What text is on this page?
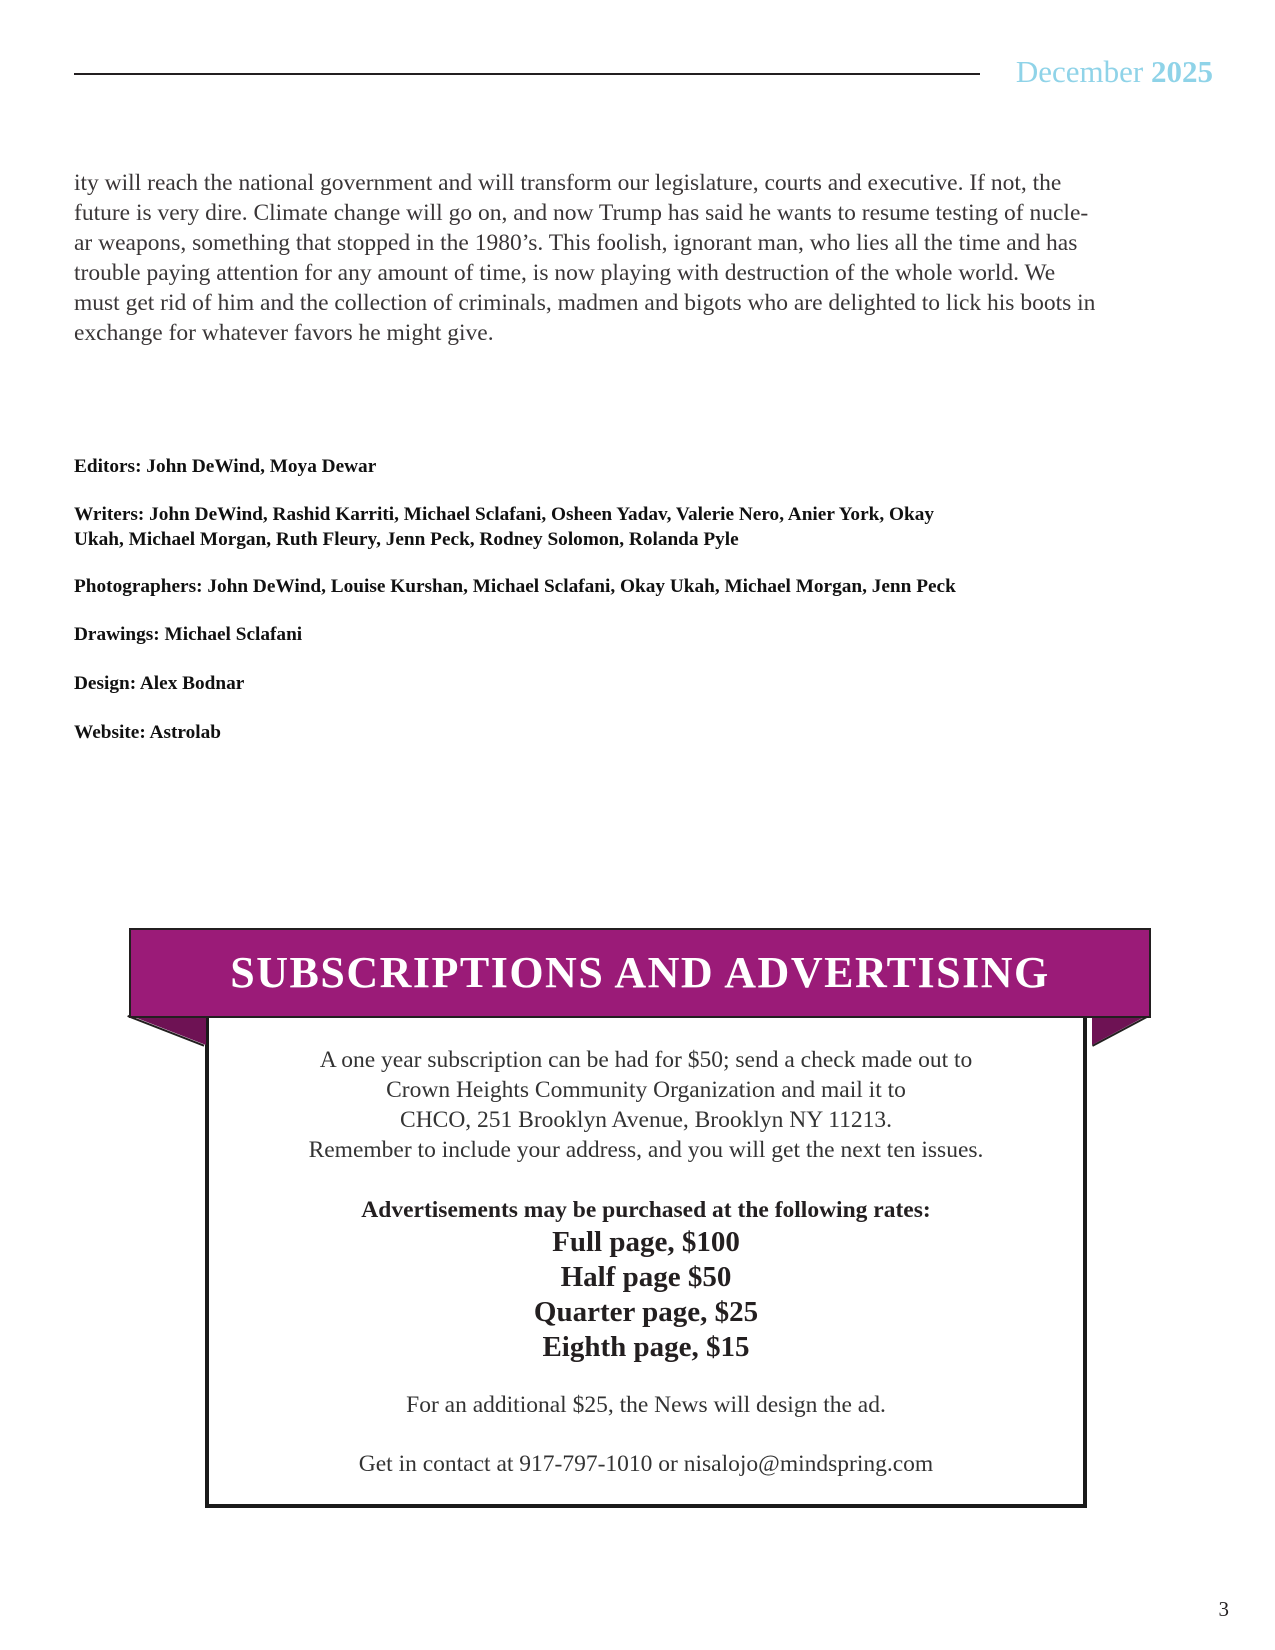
December 2025
ity will reach the national government and will transform our legislature, courts and executive. If not, the
future is very dire. Climate change will go on, and now Trump has said he wants to resume testing of nucle-
ar weapons, something that stopped in the 1980’s. This foolish, ignorant man, who lies all the time and has
trouble paying attention for any amount of time, is now playing with destruction of the whole world. We
must get rid of him and the collection of criminals, madmen and bigots who are delighted to lick his boots in
exchange for whatever favors he might give.
Editors: John DeWind, Moya Dewar
Writers: John DeWind, Rashid Karriti, Michael Sclafani, Osheen Yadav, Valerie Nero, Anier York, Okay
Ukah, Michael Morgan, Ruth Fleury, Jenn Peck, Rodney Solomon, Rolanda Pyle
Photographers: John DeWind, Louise Kurshan, Michael Sclafani, Okay Ukah, Michael Morgan, Jenn Peck
Drawings: Michael Sclafani
Design: Alex Bodnar
Website: Astrolab
SUBSCRIPTIONS AND ADVERTISING
A one year subscription can be had for $50; send a check made out to
Crown Heights Community Organization and mail it to
CHCO, 251 Brooklyn Avenue, Brooklyn NY 11213.
Remember to include your address, and you will get the next ten issues.
Advertisements may be purchased at the following rates:
Full page, $100
Half page $50
Quarter page, $25
Eighth page, $15
For an additional $25, the News will design the ad.
Get in contact at 917-797-1010 or nisalojo@mindspring.com
3
